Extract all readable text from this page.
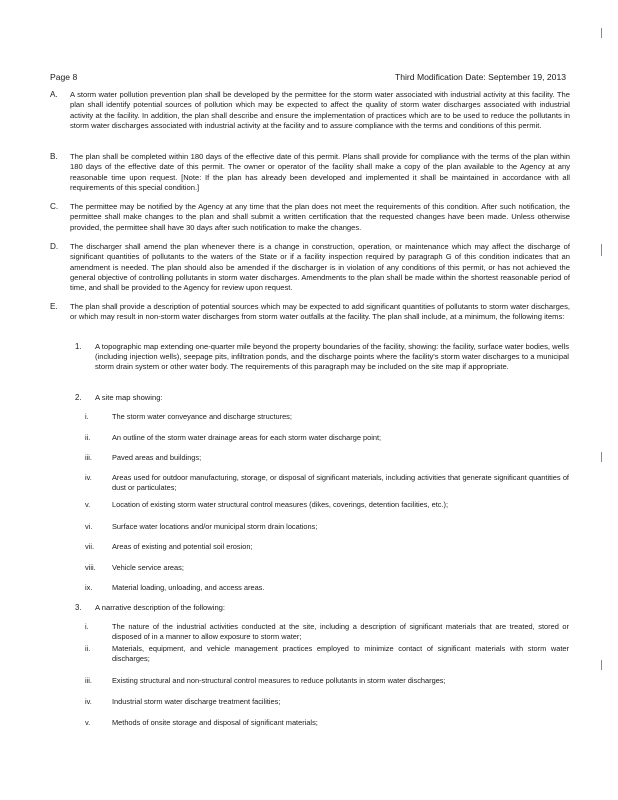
Page 8	Third Modification Date: September 19, 2013
A.	A storm water pollution prevention plan shall be developed by the permittee for the storm water associated with industrial activity at this facility. The plan shall identify potential sources of pollution which may be expected to affect the quality of storm water discharges associated with industrial activity at the facility. In addition, the plan shall describe and ensure the implementation of practices which are to be used to reduce the pollutants in storm water discharges associated with industrial activity at the facility and to assure compliance with the terms and conditions of this permit.
B.	The plan shall be completed within 180 days of the effective date of this permit. Plans shall provide for compliance with the terms of the plan within 180 days of the effective date of this permit. The owner or operator of the facility shall make a copy of the plan available to the Agency at any reasonable time upon request. [Note: If the plan has already been developed and implemented it shall be maintained in accordance with all requirements of this special condition.]
C.	The permittee may be notified by the Agency at any time that the plan does not meet the requirements of this condition. After such notification, the permittee shall make changes to the plan and shall submit a written certification that the requested changes have been made. Unless otherwise provided, the permittee shall have 30 days after such notification to make the changes.
D.	The discharger shall amend the plan whenever there is a change in construction, operation, or maintenance which may affect the discharge of significant quantities of pollutants to the waters of the State or if a facility inspection required by paragraph G of this condition indicates that an amendment is needed. The plan should also be amended if the discharger is in violation of any conditions of this permit, or has not achieved the general objective of controlling pollutants in storm water discharges. Amendments to the plan shall be made within the shortest reasonable period of time, and shall be provided to the Agency for review upon request.
E.	The plan shall provide a description of potential sources which may be expected to add significant quantities of pollutants to storm water discharges, or which may result in non-storm water discharges from storm water outfalls at the facility. The plan shall include, at a minimum, the following items:
1.	A topographic map extending one-quarter mile beyond the property boundaries of the facility, showing: the facility, surface water bodies, wells (including injection wells), seepage pits, infiltration ponds, and the discharge points where the facility's storm water discharges to a municipal storm drain system or other water body. The requirements of this paragraph may be included on the site map if appropriate.
2.	A site map showing:
i.	The storm water conveyance and discharge structures;
ii.	An outline of the storm water drainage areas for each storm water discharge point;
iii.	Paved areas and buildings;
iv.	Areas used for outdoor manufacturing, storage, or disposal of significant materials, including activities that generate significant quantities of dust or particulates;
v.	Location of existing storm water structural control measures (dikes, coverings, detention facilities, etc.);
vi.	Surface water locations and/or municipal storm drain locations;
vii.	Areas of existing and potential soil erosion;
viii.	Vehicle service areas;
ix.	Material loading, unloading, and access areas.
3.	A narrative description of the following:
i.	The nature of the industrial activities conducted at the site, including a description of significant materials that are treated, stored or disposed of in a manner to allow exposure to storm water;
ii.	Materials, equipment, and vehicle management practices employed to minimize contact of significant materials with storm water discharges;
iii.	Existing structural and non-structural control measures to reduce pollutants in storm water discharges;
iv.	Industrial storm water discharge treatment facilities;
v.	Methods of onsite storage and disposal of significant materials;
